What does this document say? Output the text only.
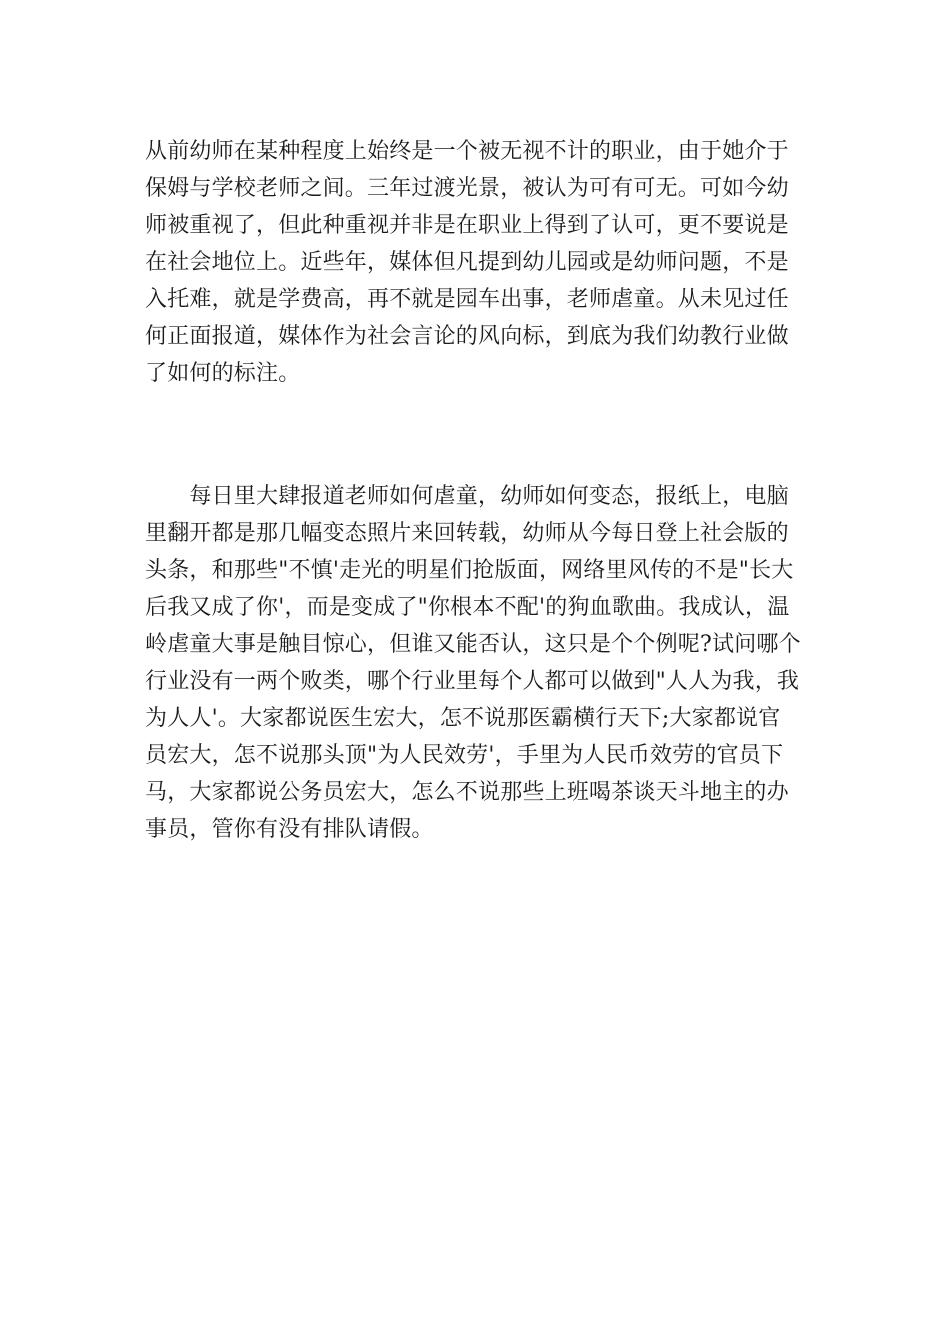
从前幼师在某种程度上始终是一个被无视不计的职业，由于她介于
保姆与学校老师之间。三年过渡光景，被认为可有可无。可如今幼
师被重视了，但此种重视并非是在职业上得到了认可，更不要说是
在社会地位上。近些年，媒体但凡提到幼儿园或是幼师问题，不是
入托难，就是学费高，再不就是园车出事，老师虐童。从未见过任
何正面报道，媒体作为社会言论的风向标，到底为我们幼教行业做
了如何的标注。
　　每日里大肆报道老师如何虐童，幼师如何变态，报纸上，电脑
里翻开都是那几幅变态照片来回转载，幼师从今每日登上社会版的
头条，和那些"不慎'走光的明星们抢版面，网络里风传的不是"长大
后我又成了你'，而是变成了"你根本不配'的狗血歌曲。我成认，温
岭虐童大事是触目惊心，但谁又能否认，这只是个个例呢?试问哪个
行业没有一两个败类，哪个行业里每个人都可以做到"人人为我，我
为人人'。大家都说医生宏大，怎不说那医霸横行天下;大家都说官
员宏大，怎不说那头顶"为人民效劳'，手里为人民币效劳的官员下
马，大家都说公务员宏大，怎么不说那些上班喝茶谈天斗地主的办
事员，管你有没有排队请假。
